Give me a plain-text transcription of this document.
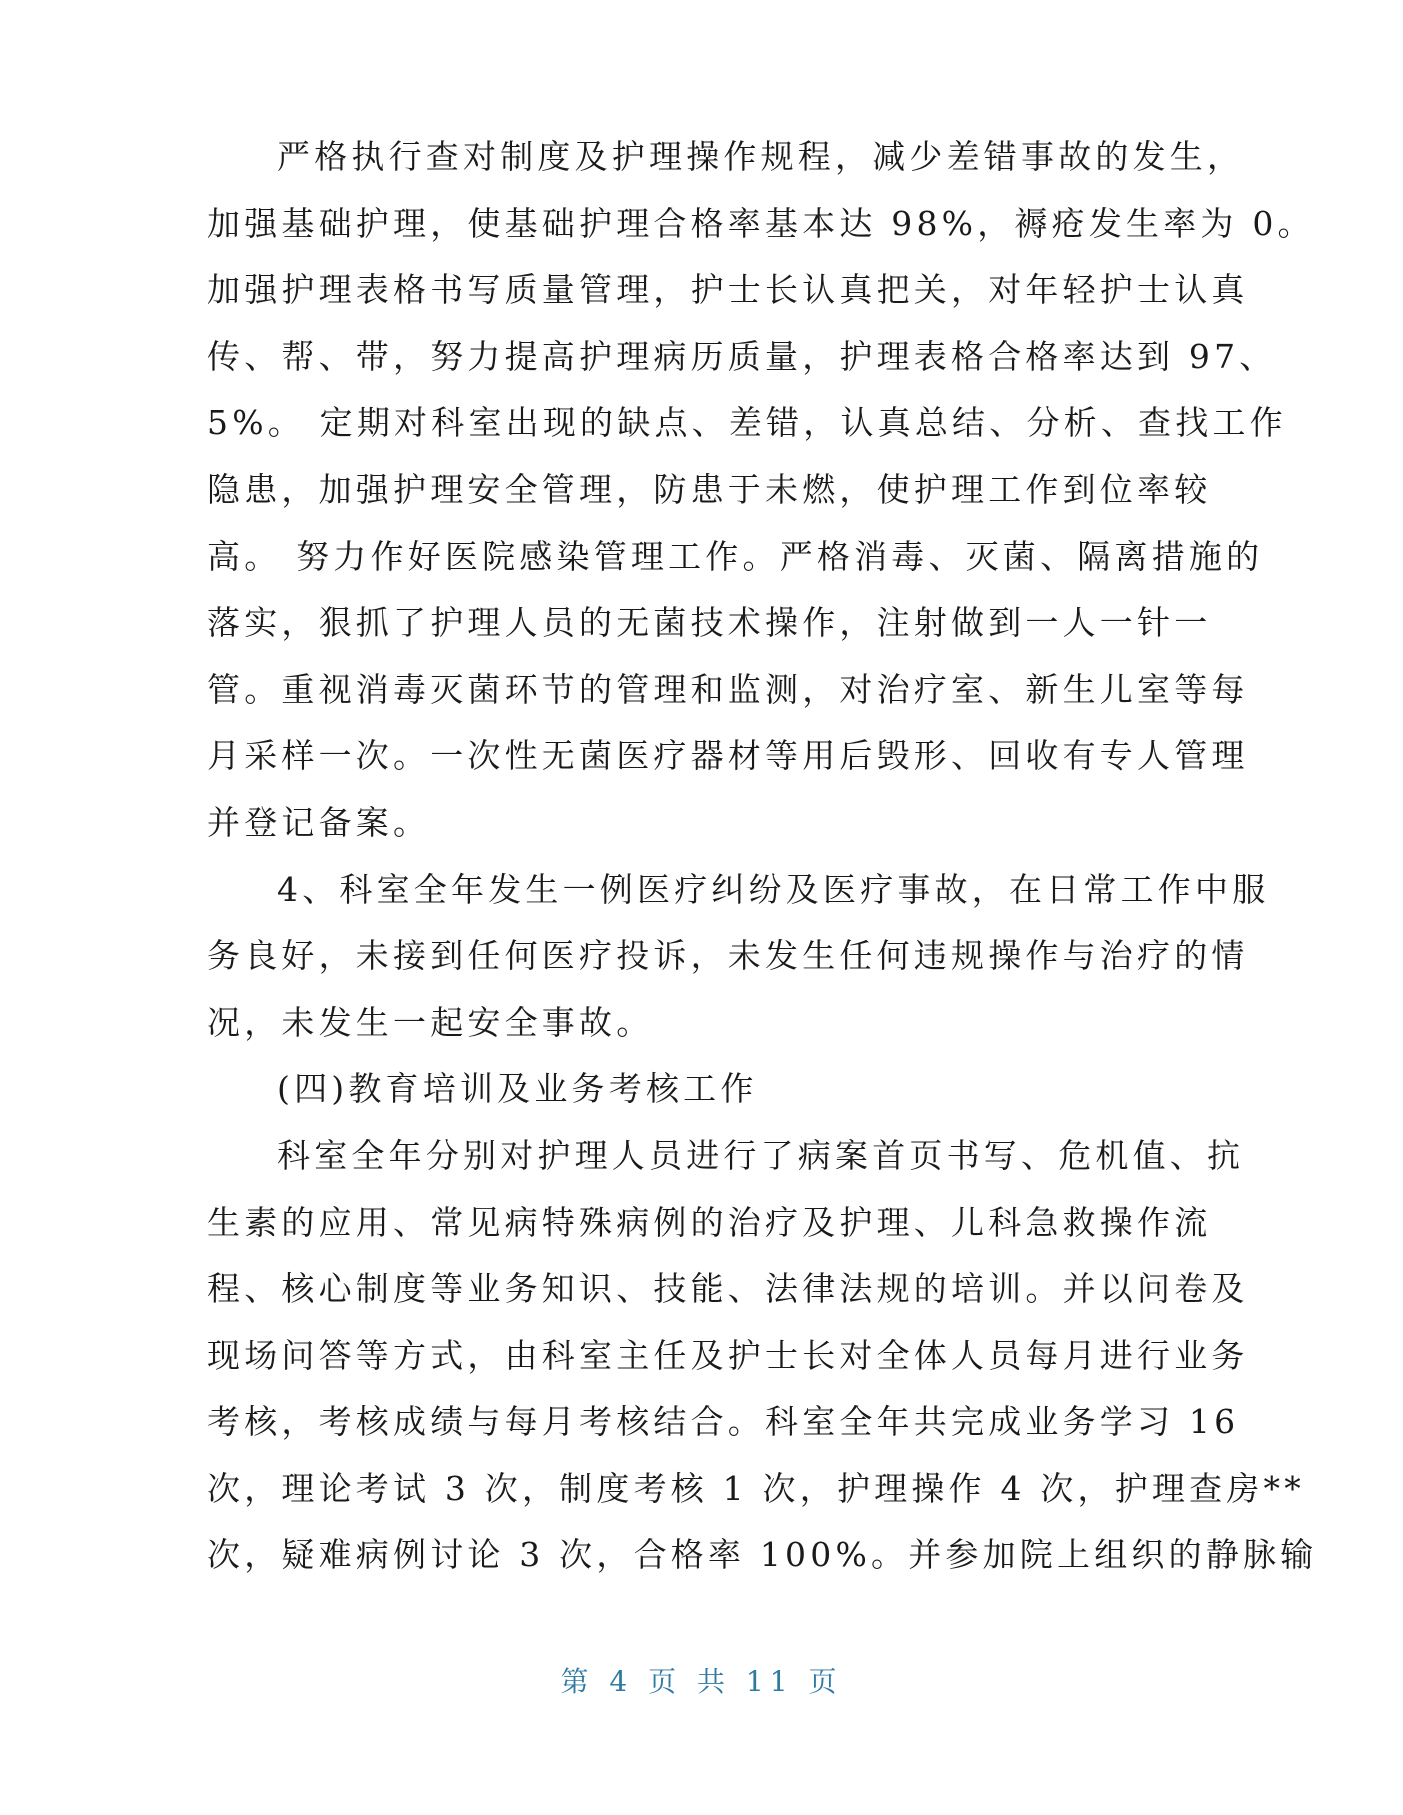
严格执行查对制度及护理操作规程，减少差错事故的发生，
加强基础护理，使基础护理合格率基本达 98%，褥疮发生率为 0。
加强护理表格书写质量管理，护士长认真把关，对年轻护士认真
传、帮、带，努力提高护理病历质量，护理表格合格率达到 97、
5%。 定期对科室出现的缺点、差错，认真总结、分析、查找工作
隐患，加强护理安全管理，防患于未燃，使护理工作到位率较
高。 努力作好医院感染管理工作。严格消毒、灭菌、隔离措施的
落实，狠抓了护理人员的无菌技术操作，注射做到一人一针一
管。重视消毒灭菌环节的管理和监测，对治疗室、新生儿室等每
月采样一次。一次性无菌医疗器材等用后毁形、回收有专人管理
并登记备案。
4、科室全年发生一例医疗纠纷及医疗事故，在日常工作中服
务良好，未接到任何医疗投诉，未发生任何违规操作与治疗的情
况，未发生一起安全事故。
(四)教育培训及业务考核工作
科室全年分别对护理人员进行了病案首页书写、危机值、抗
生素的应用、常见病特殊病例的治疗及护理、儿科急救操作流
程、核心制度等业务知识、技能、法律法规的培训。并以问卷及
现场问答等方式，由科室主任及护士长对全体人员每月进行业务
考核，考核成绩与每月考核结合。科室全年共完成业务学习 16
次，理论考试 3 次，制度考核 1 次，护理操作 4 次，护理查房**
次，疑难病例讨论 3 次，合格率 100%。并参加院上组织的静脉输
第 4 页 共 11 页
